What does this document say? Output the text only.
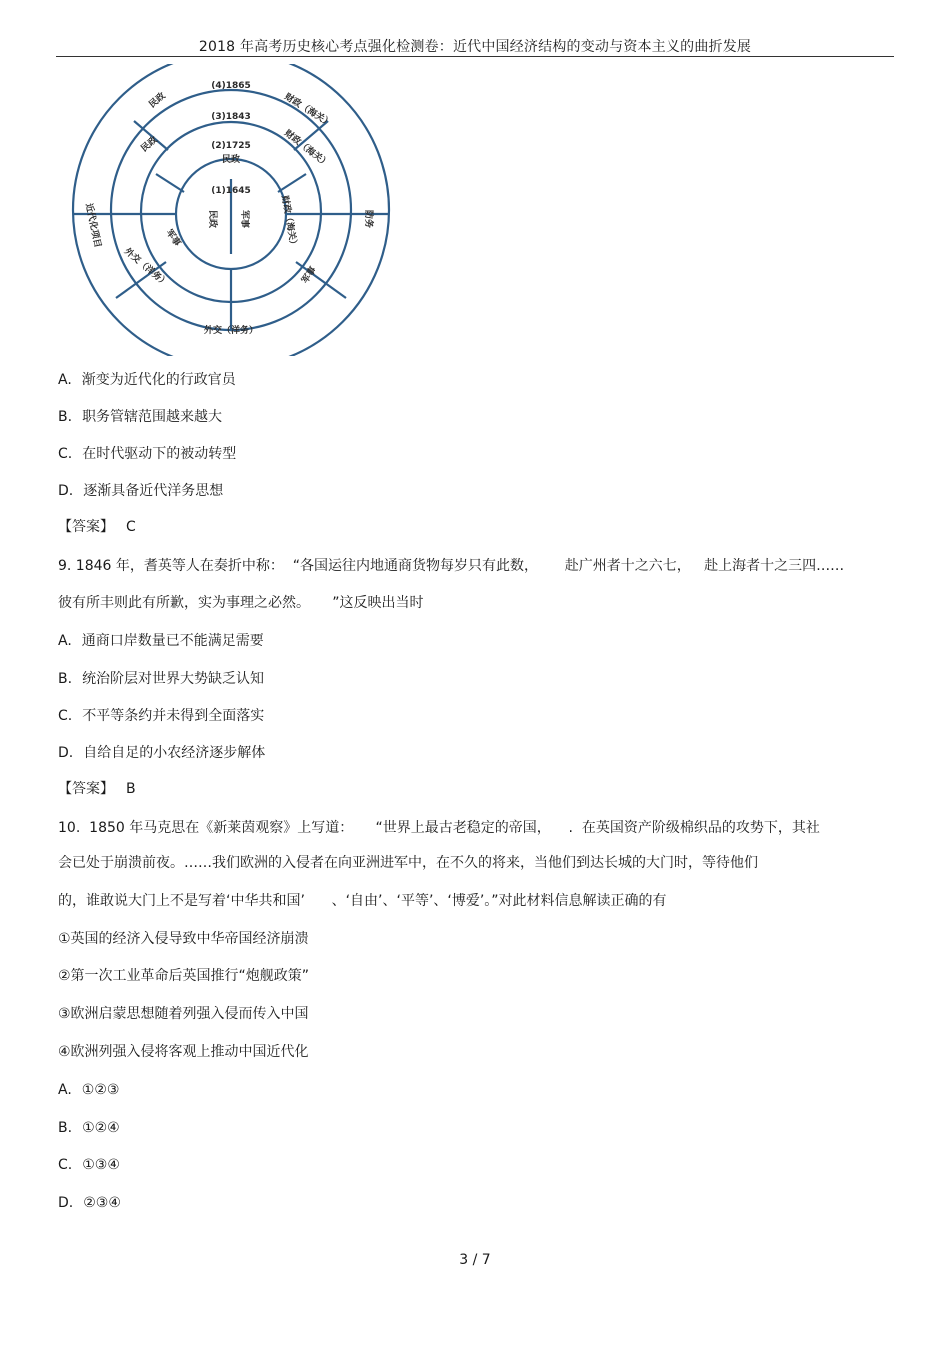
2018 年高考历史核心考点强化检测卷：近代中国经济结构的变动与资本主义的曲折发展
(4)1865
(3)1843
(2)1725
(1)1645
民政	财政（海关）
民政	财政（海关）
民政
民政 军事
军事	财政（海关）
军事
防务
近代化项目
外交（洋务）
外交（洋务）
A. 渐变为近代化的行政官员
B. 职务管辖范围越来越大
C. 在时代驱动下的被动转型
D. 逐渐具备近代洋务思想
【答案】 C
9. 1846 年，耆英等人在奏折中称：  “各国运往内地通商货物每岁只有此数，      赴广州者十之六七，   赴上海者十之三四……
彼有所丰则此有所歉，实为事理之必然。     ”这反映出当时
A. 通商口岸数量已不能满足需要
B. 统治阶层对世界大势缺乏认知
C. 不平等条约并未得到全面落实
D. 自给自足的小农经济逐步解体
【答案】 B
10.  1850 年马克思在《新莱茵观察》上写道：     “世界上最古老稳定的帝国，    .  在英国资产阶级棉织品的攻势下，其社
会已处于崩溃前夜。……我们欧洲的入侵者在向亚洲进军中，在不久的将来，当他们到达长城的大门时，等待他们
的，谁敢说大门上不是写着‘中华共和国’      、‘自由’、‘平等’、‘博爱’。”对此材料信息解读正确的有
①英国的经济入侵导致中华帝国经济崩溃
②第一次工业革命后英国推行“炮舰政策”
③欧洲启蒙思想随着列强入侵而传入中国
④欧洲列强入侵将客观上推动中国近代化
A. ①②③
B. ①②④
C. ①③④
D. ②③④
3 / 7
